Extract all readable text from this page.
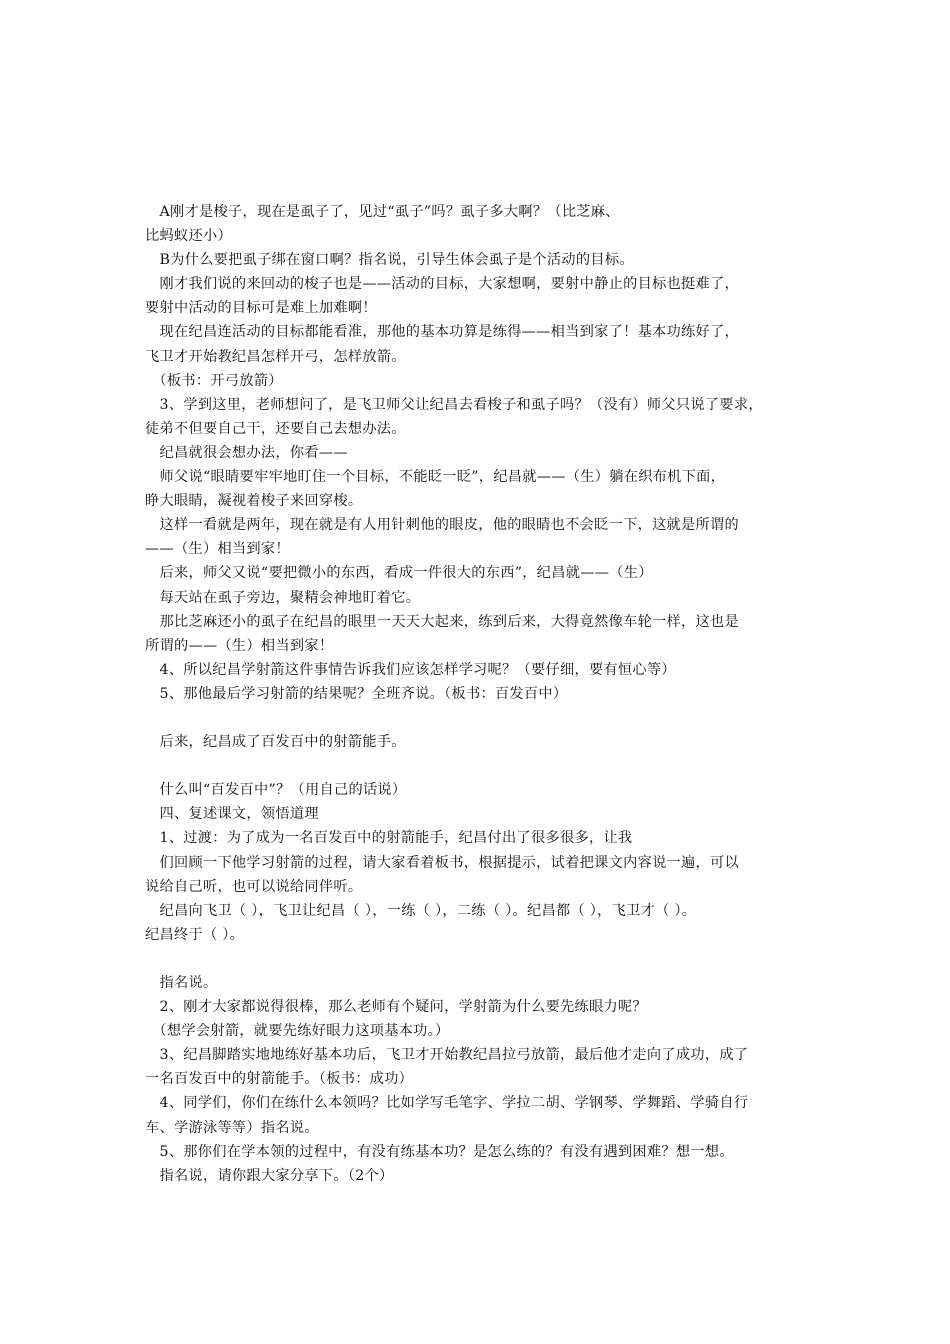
　A刚才是梭子，现在是虱子了，见过“虱子”吗？虱子多大啊？（比芝麻、
比蚂蚁还小）
　B为什么要把虱子绑在窗口啊？指名说，引导生体会虱子是个活动的目标。
　刚才我们说的来回动的梭子也是——活动的目标，大家想啊，要射中静止的目标也挺难了，
要射中活动的目标可是难上加难啊！
　现在纪昌连活动的目标都能看准，那他的基本功算是练得——相当到家了！基本功练好了，
飞卫才开始教纪昌怎样开弓，怎样放箭。
　（板书：开弓放箭）
　3、学到这里，老师想问了，是飞卫师父让纪昌去看梭子和虱子吗？（没有）师父只说了要求，
徒弟不但要自己干，还要自己去想办法。
　纪昌就很会想办法，你看——
　师父说“眼睛要牢牢地盯住一个目标，不能眨一眨”，纪昌就——（生）躺在织布机下面，
睁大眼睛，凝视着梭子来回穿梭。
　这样一看就是两年，现在就是有人用针刺他的眼皮，他的眼睛也不会眨一下，这就是所谓的
——（生）相当到家！
　后来，师父又说“要把微小的东西，看成一件很大的东西”，纪昌就——（生）
　每天站在虱子旁边，聚精会神地盯着它。
　那比芝麻还小的虱子在纪昌的眼里一天天大起来，练到后来，大得竟然像车轮一样，这也是
所谓的——（生）相当到家！
　4、所以纪昌学射箭这件事情告诉我们应该怎样学习呢？（要仔细，要有恒心等）
　5、那他最后学习射箭的结果呢？全班齐说。（板书：百发百中）
　后来，纪昌成了百发百中的射箭能手。
　什么叫“百发百中”？（用自己的话说）
　四、复述课文，领悟道理
　1、过渡：为了成为一名百发百中的射箭能手，纪昌付出了很多很多，让我
　们回顾一下他学习射箭的过程，请大家看着板书，根据提示，试着把课文内容说一遍，可以
说给自己听，也可以说给同伴听。
　纪昌向飞卫（ ），飞卫让纪昌（ ），一练（ ），二练（ ）。纪昌都（ ），飞卫才（ ）。
纪昌终于（ ）。
　指名说。
　2、刚才大家都说得很棒，那么老师有个疑问，学射箭为什么要先练眼力呢？
　（想学会射箭，就要先练好眼力这项基本功。）
　3、纪昌脚踏实地地练好基本功后，飞卫才开始教纪昌拉弓放箭，最后他才走向了成功，成了
一名百发百中的射箭能手。（板书：成功）
　4、同学们，你们在练什么本领吗？比如学写毛笔字、学拉二胡、学钢琴、学舞蹈、学骑自行
车、学游泳等等）指名说。
　5、那你们在学本领的过程中，有没有练基本功？是怎么练的？有没有遇到困难？想一想。
　指名说，请你跟大家分享下。（2个）
